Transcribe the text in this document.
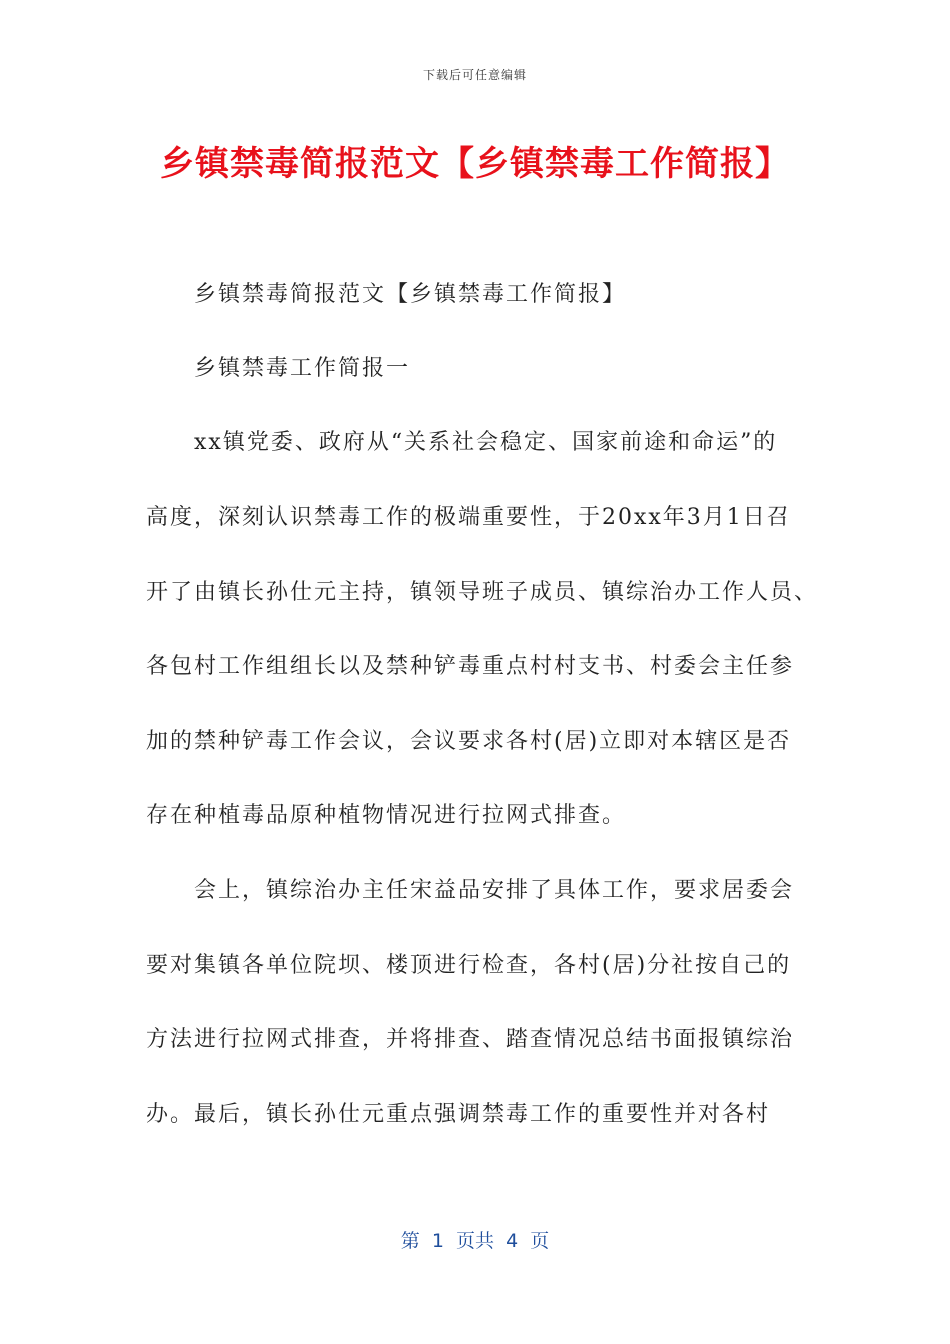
下载后可任意编辑
乡镇禁毒简报范文【乡镇禁毒工作简报】
乡镇禁毒简报范文【乡镇禁毒工作简报】
乡镇禁毒工作简报一
xx镇党委、政府从“关系社会稳定、国家前途和命运”的
高度，深刻认识禁毒工作的极端重要性，于20xx年3月1日召
开了由镇长孙仕元主持，镇领导班子成员、镇综治办工作人员、
各包村工作组组长以及禁种铲毒重点村村支书、村委会主任参
加的禁种铲毒工作会议，会议要求各村(居)立即对本辖区是否
存在种植毒品原种植物情况进行拉网式排查。
会上，镇综治办主任宋益品安排了具体工作，要求居委会
要对集镇各单位院坝、楼顶进行检查，各村(居)分社按自己的
方法进行拉网式排查，并将排查、踏查情况总结书面报镇综治
办。最后，镇长孙仕元重点强调禁毒工作的重要性并对各村
第  1  页共  4  页
